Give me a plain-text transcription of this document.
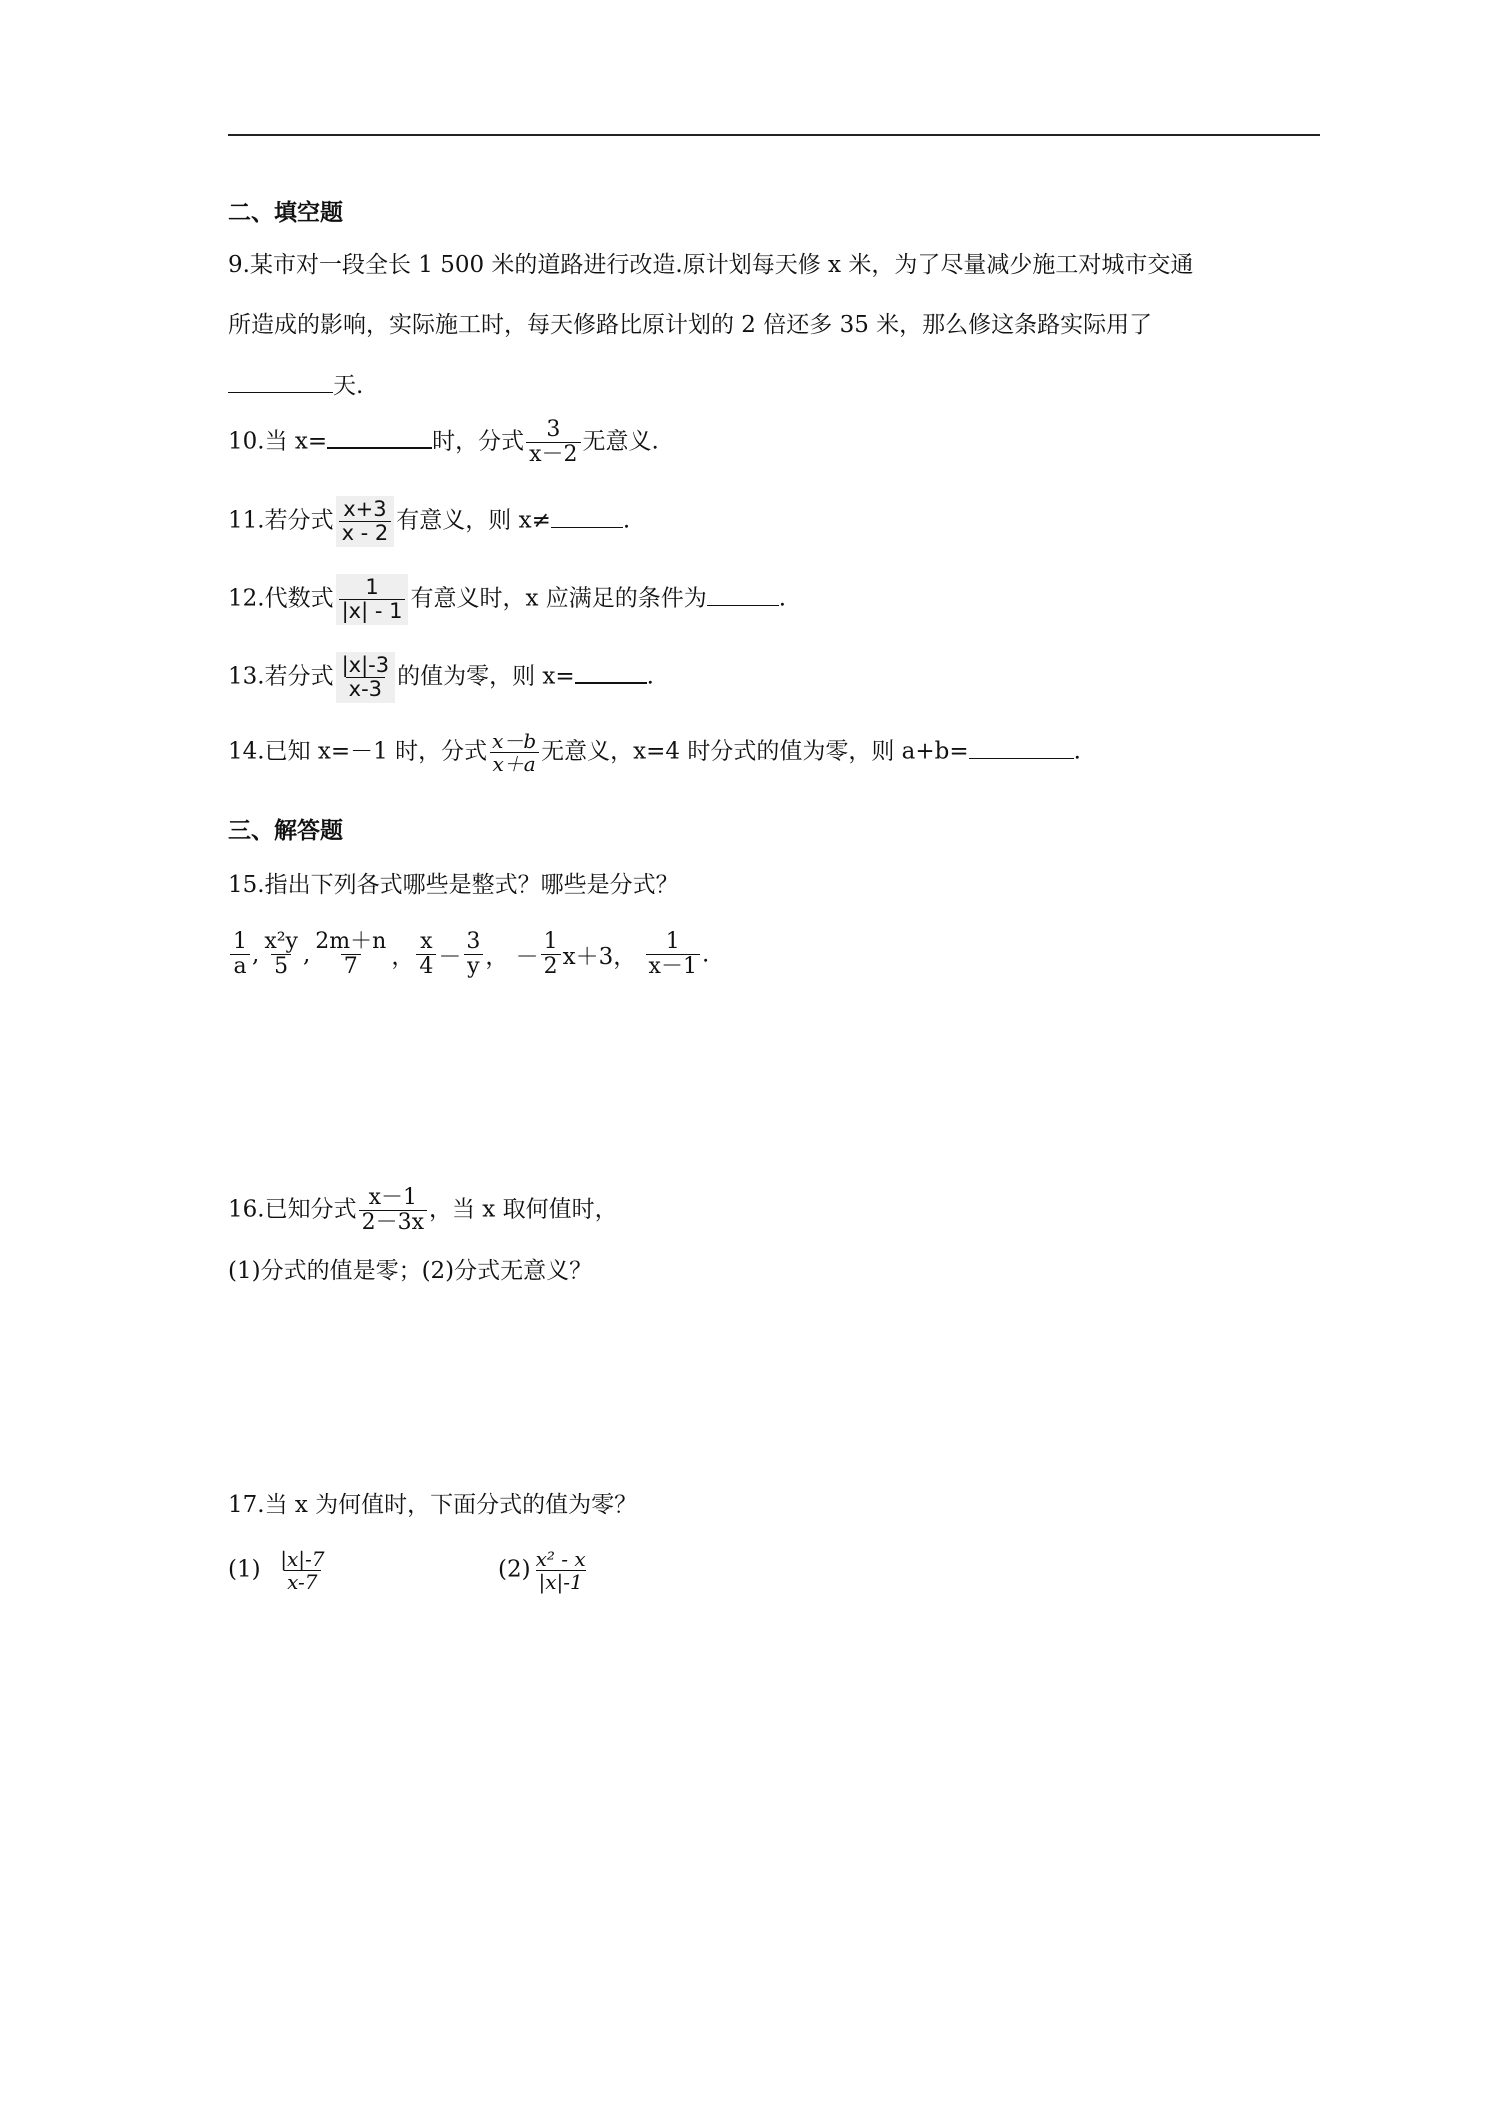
二、填空题
9.某市对一段全长 1 500 米的道路进行改造.原计划每天修 x 米，为了尽量减少施工对城市交通
所造成的影响，实际施工时，每天修路比原计划的 2 倍还多 35 米，那么修这条路实际用了
天.
10.当 x=	时，分式 $\frac{3}{x-2}$ 无意义.
11.若分式 $\frac{x+3}{x - 2}$ 有意义，则 x≠	.
12.代数式 $\frac{1}{|x| - 1}$ 有意义时，x 应满足的条件为	.
13.若分式 $\frac{|x|-3}{x-3}$ 的值为零，则 x=	.
14.已知 x=－1 时，分式 $\frac{x-b}{x+a}$ 无意义，x=4 时分式的值为零，则 a+b=	.
三、解答题
15.指出下列各式哪些是整式？哪些是分式？
$\frac{1}{a}$ , $\frac{\text{x²y}}{5}$ , $\frac{2m+n}{7}$ ， $\frac{x}{4} - \frac{3}{y}$ ， － $\frac{1}{2} x+3$， $\frac{1}{x-1}$ .
16.已知分式 $\frac{x-1}{2-3x}$ ，当 x 取何值时，
(1)分式的值是零；(2)分式无意义？
17.当 x 为何值时，下面分式的值为零？
$(1) \frac{|x|-7}{x-7}$	$(2) \frac{\text{x² - x}}{|x|-1}$
